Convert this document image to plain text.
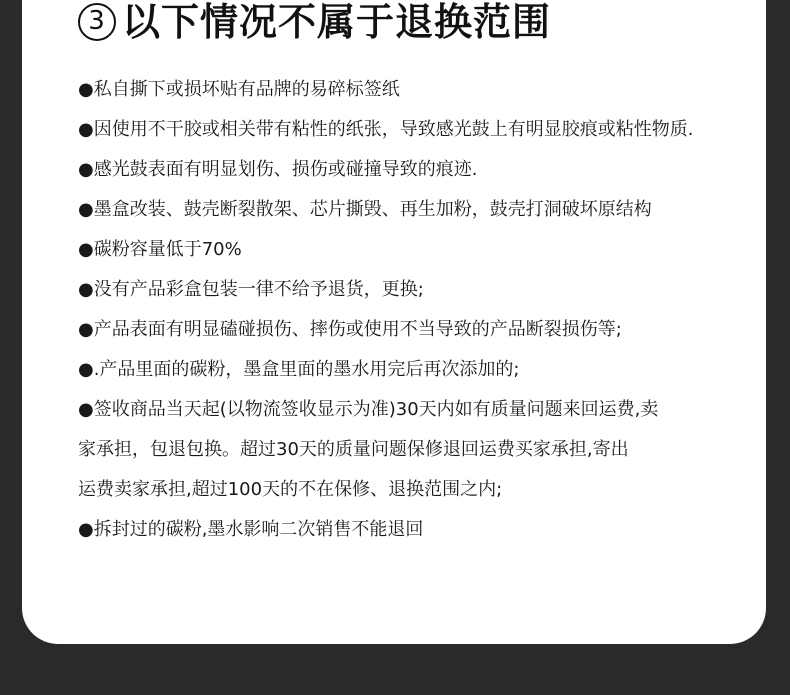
3 以下情况不属于退换范围
●私自撕下或损坏贴有品牌的易碎标签纸
●因使用不干胶或相关带有粘性的纸张，导致感光鼓上有明显胶痕或粘性物质.
●感光鼓表面有明显划伤、损伤或碰撞导致的痕迹.
●墨盒改装、鼓壳断裂散架、芯片撕毁、再生加粉，鼓壳打洞破坏原结构
●碳粉容量低于70%
●没有产品彩盒包装一律不给予退货，更换;
●产品表面有明显磕碰损伤、摔伤或使用不当导致的产品断裂损伤等;
●.产品里面的碳粉，墨盒里面的墨水用完后再次添加的;
●签收商品当天起(以物流签收显示为准)30天内如有质量问题来回运费,卖
家承担，包退包换。超过30天的质量问题保修退回运费买家承担,寄出
运费卖家承担,超过100天的不在保修、退换范围之内;
●拆封过的碳粉,墨水影响二次销售不能退回
